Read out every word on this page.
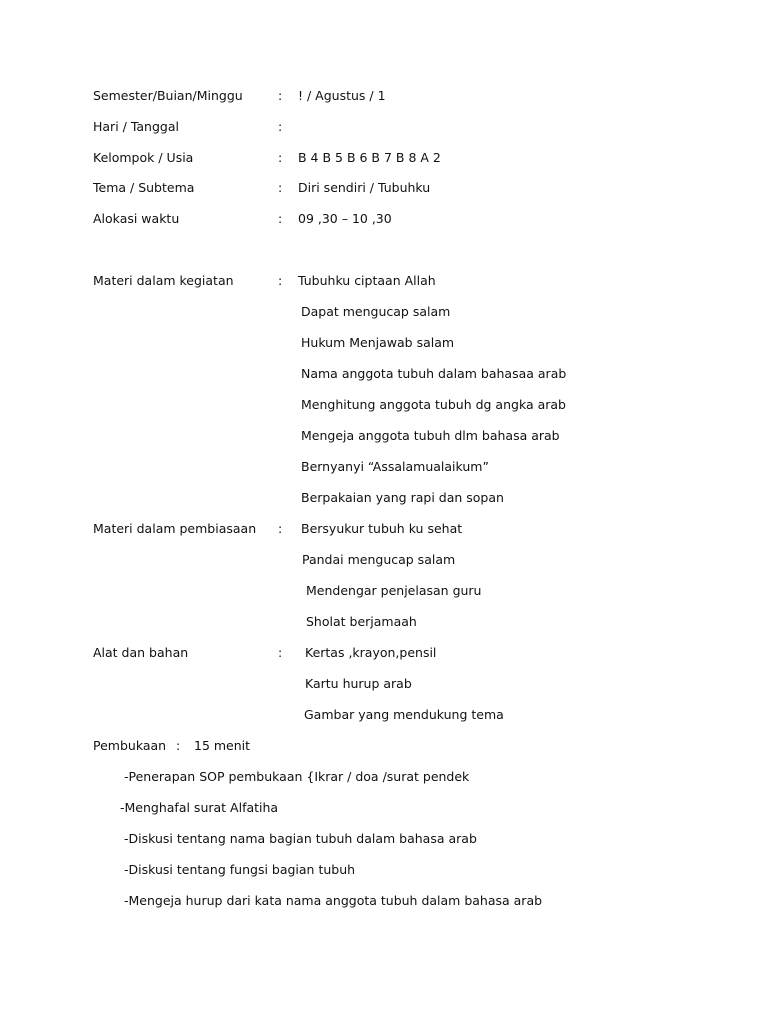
Semester/Buian/Minggu	: ! / Agustus / 1
Hari / Tanggal	:
Kelompok / Usia	: B 4 B 5 B 6 B 7 B 8 A 2
Tema / Subtema	: Diri sendiri / Tubuhku
Alokasi waktu	: 09 ,30 – 10 ,30
Materi dalam kegiatan	: Tubuhku ciptaan Allah
Dapat mengucap salam
Hukum Menjawab salam
Nama anggota tubuh dalam bahasaa arab
Menghitung anggota tubuh dg angka arab
Mengeja anggota tubuh dlm bahasa arab
Bernyanyi “Assalamualaikum”
Berpakaian yang rapi dan sopan
Materi dalam pembiasaan : Bersyukur tubuh ku sehat
Pandai mengucap salam
Mendengar penjelasan guru
Sholat berjamaah
Alat dan bahan	: Kertas ,krayon,pensil
Kartu hurup arab
Gambar yang mendukung tema
Pembukaan : 15 menit
-Penerapan SOP pembukaan {Ikrar / doa /surat pendek
-Menghafal surat Alfatiha
-Diskusi tentang nama bagian tubuh dalam bahasa arab
-Diskusi tentang fungsi bagian tubuh
-Mengeja hurup dari kata nama anggota tubuh dalam bahasa arab
